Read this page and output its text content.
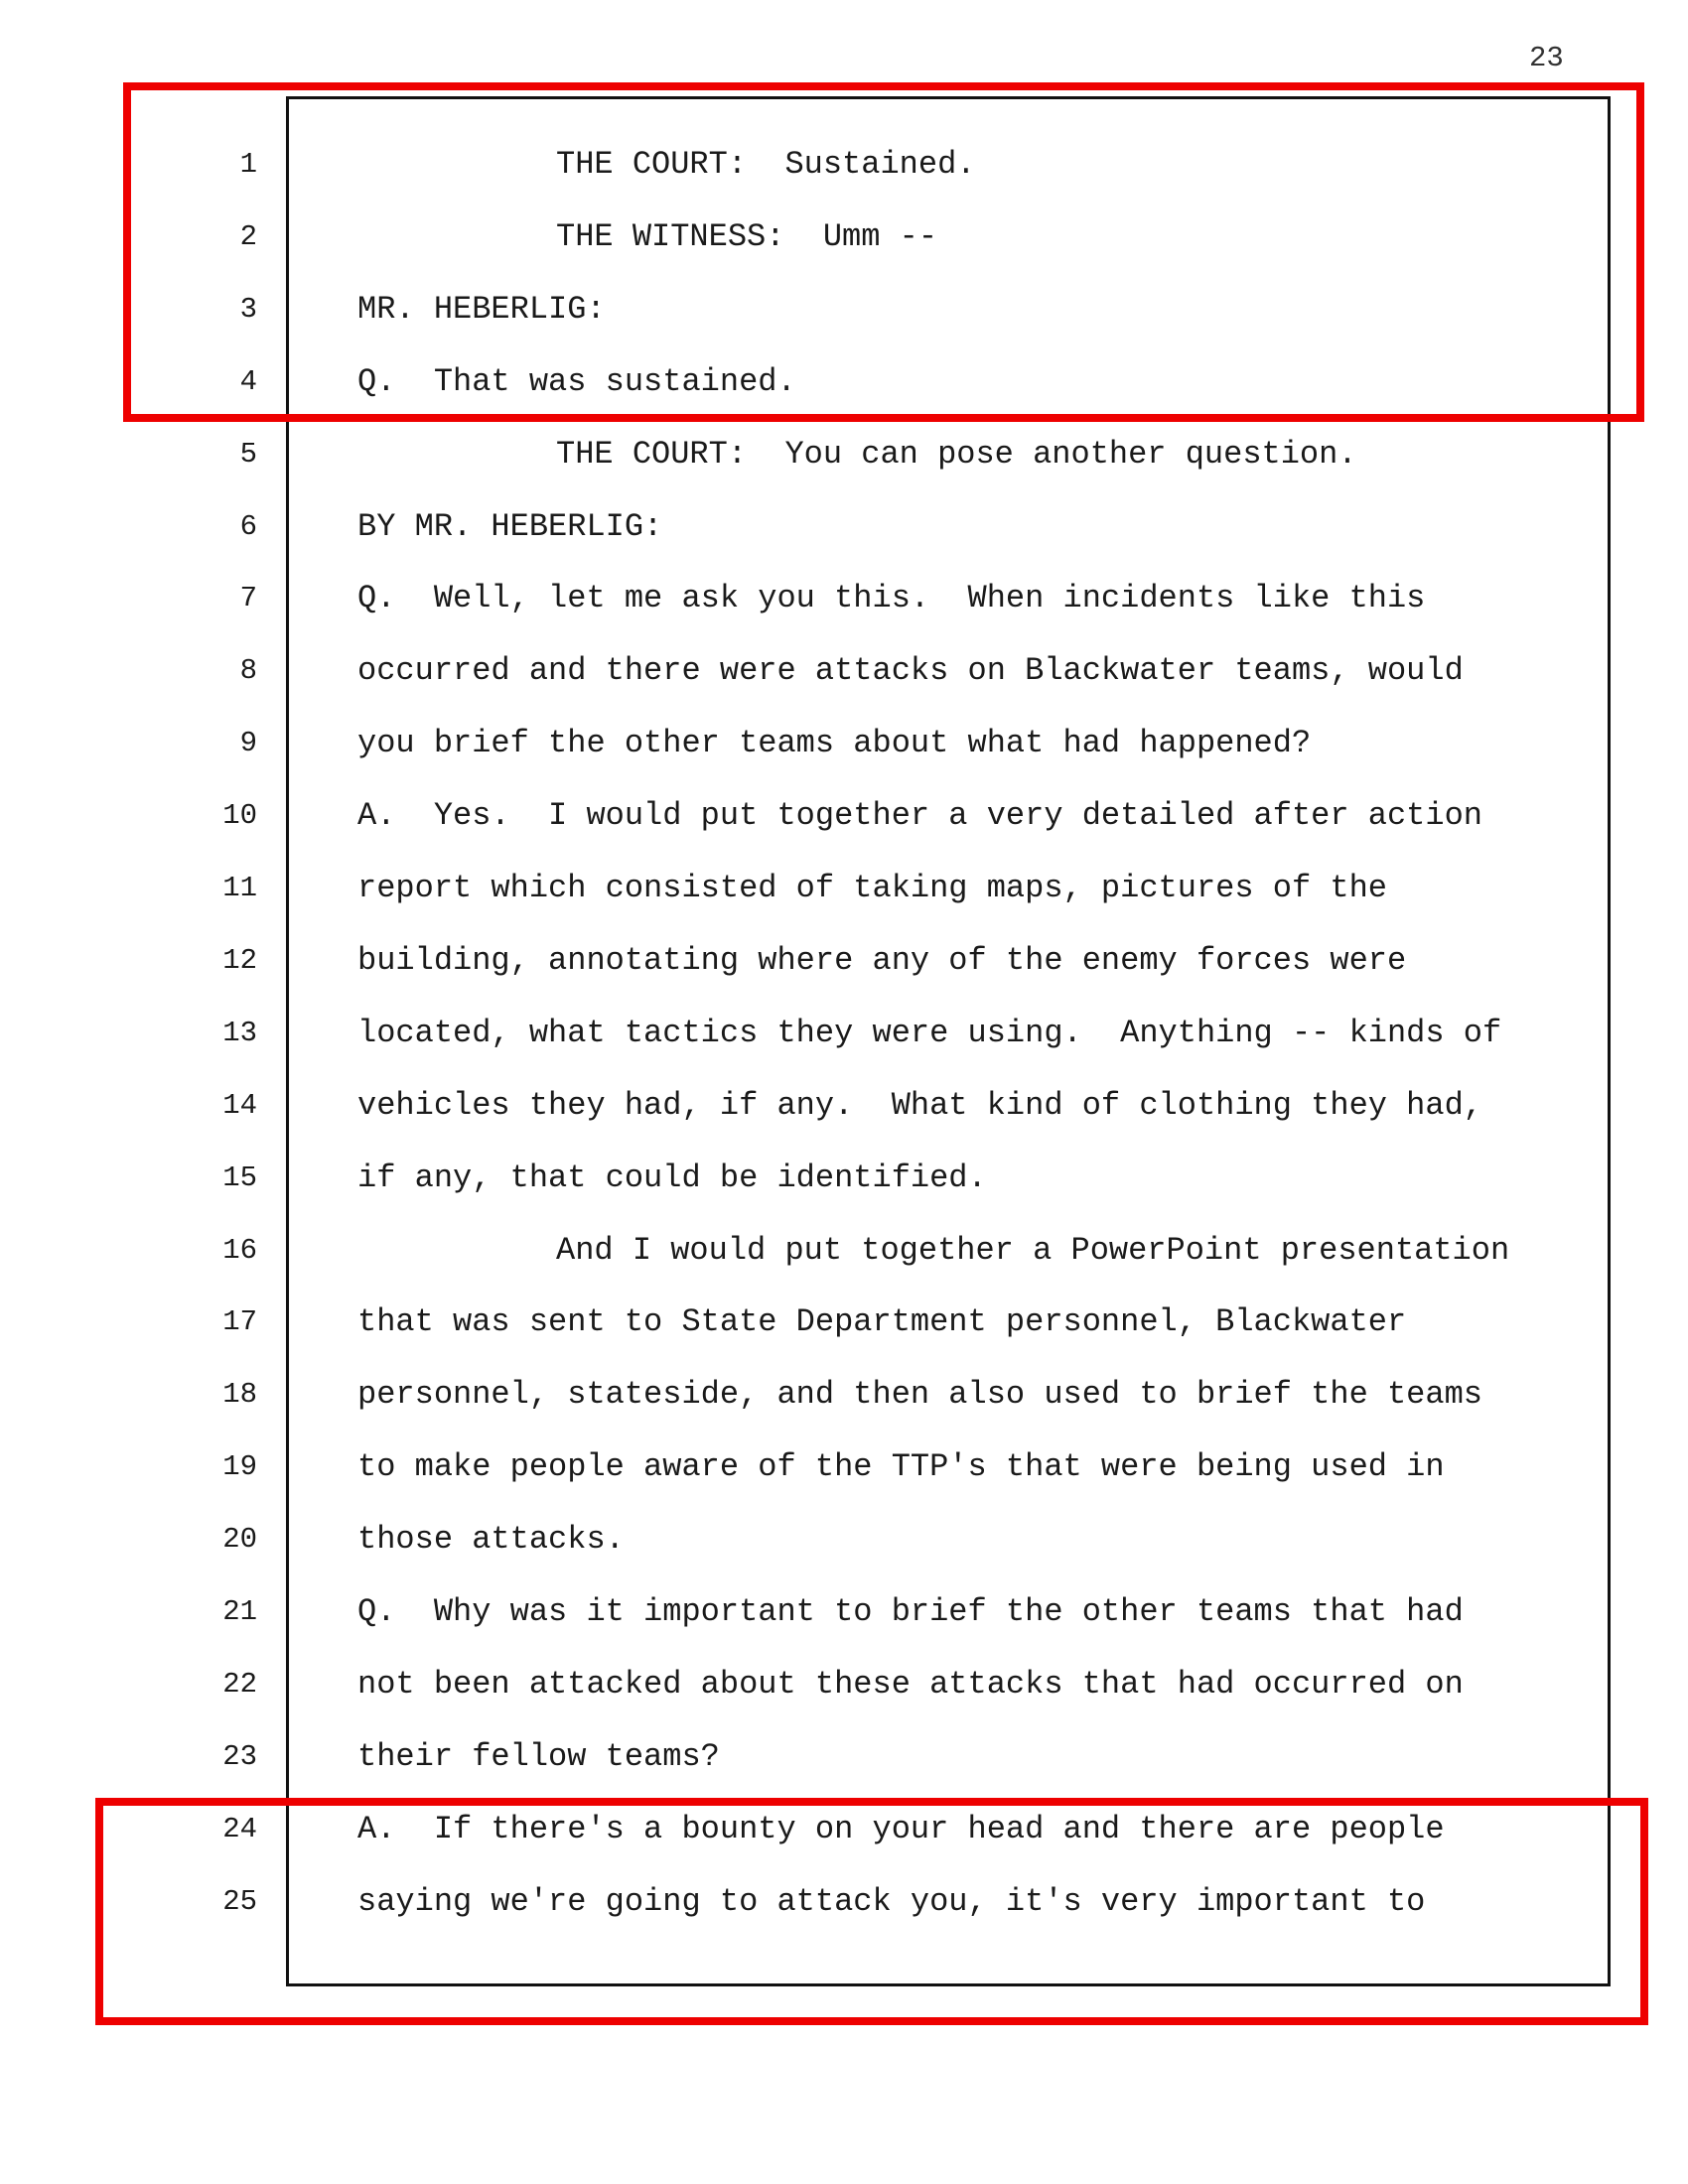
23
1	THE COURT:  Sustained.
2	THE WITNESS:  Umm --
3	MR. HEBERLIG:
4	Q.  That was sustained.
5	THE COURT:  You can pose another question.
6	BY MR. HEBERLIG:
7	Q.  Well, let me ask you this.  When incidents like this
8	occurred and there were attacks on Blackwater teams, would
9	you brief the other teams about what had happened?
10	A.  Yes.  I would put together a very detailed after action
11	report which consisted of taking maps, pictures of the
12	building, annotating where any of the enemy forces were
13	located, what tactics they were using.  Anything -- kinds of
14	vehicles they had, if any.  What kind of clothing they had,
15	if any, that could be identified.
16	And I would put together a PowerPoint presentation
17	that was sent to State Department personnel, Blackwater
18	personnel, stateside, and then also used to brief the teams
19	to make people aware of the TTP's that were being used in
20	those attacks.
21	Q.  Why was it important to brief the other teams that had
22	not been attacked about these attacks that had occurred on
23	their fellow teams?
24	A.  If there's a bounty on your head and there are people
25	saying we're going to attack you, it's very important to
